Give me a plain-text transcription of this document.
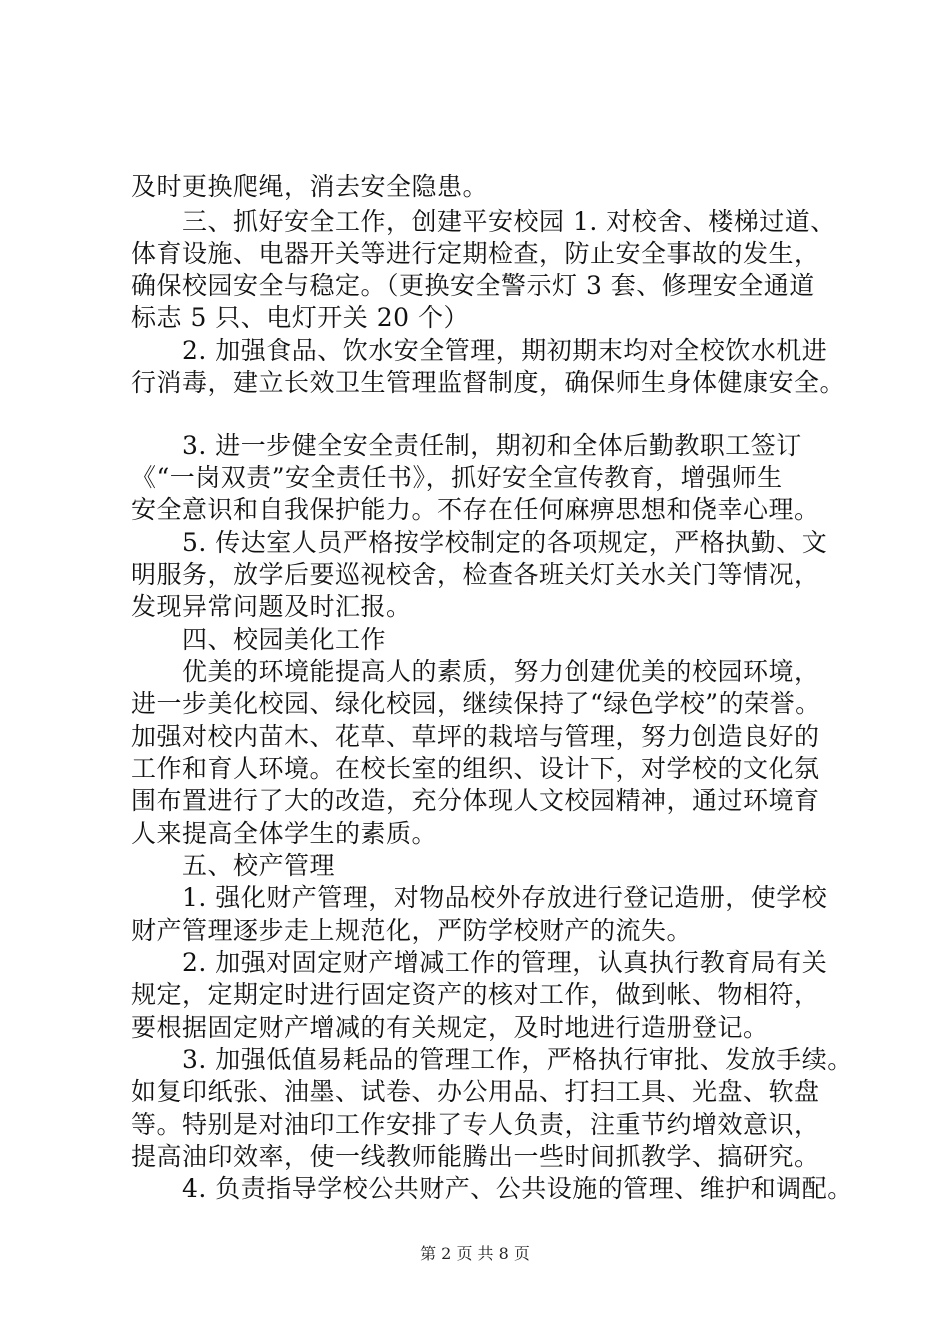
及时更换爬绳，消去安全隐患。
　　三、抓好安全工作，创建平安校园 1. 对校舍、楼梯过道、
体育设施、电器开关等进行定期检查，防止安全事故的发生，
确保校园安全与稳定。（更换安全警示灯 3 套、修理安全通道
标志 5 只、电灯开关 20 个）
　　2. 加强食品、饮水安全管理，期初期末均对全校饮水机进
行消毒，建立长效卫生管理监督制度，确保师生身体健康安全。
　　3. 进一步健全安全责任制，期初和全体后勤教职工签订
《“一岗双责”安全责任书》，抓好安全宣传教育，增强师生
安全意识和自我保护能力。不存在任何麻痹思想和侥幸心理。
　　5. 传达室人员严格按学校制定的各项规定，严格执勤、文
明服务，放学后要巡视校舍，检查各班关灯关水关门等情况，
发现异常问题及时汇报。
　　四、校园美化工作
　　优美的环境能提高人的素质，努力创建优美的校园环境，
进一步美化校园、绿化校园，继续保持了“绿色学校”的荣誉。
加强对校内苗木、花草、草坪的栽培与管理，努力创造良好的
工作和育人环境。在校长室的组织、设计下，对学校的文化氛
围布置进行了大的改造，充分体现人文校园精神，通过环境育
人来提高全体学生的素质。
　　五、校产管理
　　1. 强化财产管理，对物品校外存放进行登记造册，使学校
财产管理逐步走上规范化，严防学校财产的流失。
　　2. 加强对固定财产增减工作的管理，认真执行教育局有关
规定，定期定时进行固定资产的核对工作，做到帐、物相符，
要根据固定财产增减的有关规定，及时地进行造册登记。
　　3. 加强低值易耗品的管理工作，严格执行审批、发放手续。
如复印纸张、油墨、试卷、办公用品、打扫工具、光盘、软盘
等。特别是对油印工作安排了专人负责，注重节约增效意识，
提高油印效率，使一线教师能腾出一些时间抓教学、搞研究。
　　4. 负责指导学校公共财产、公共设施的管理、维护和调配。
第 2 页 共 8 页
